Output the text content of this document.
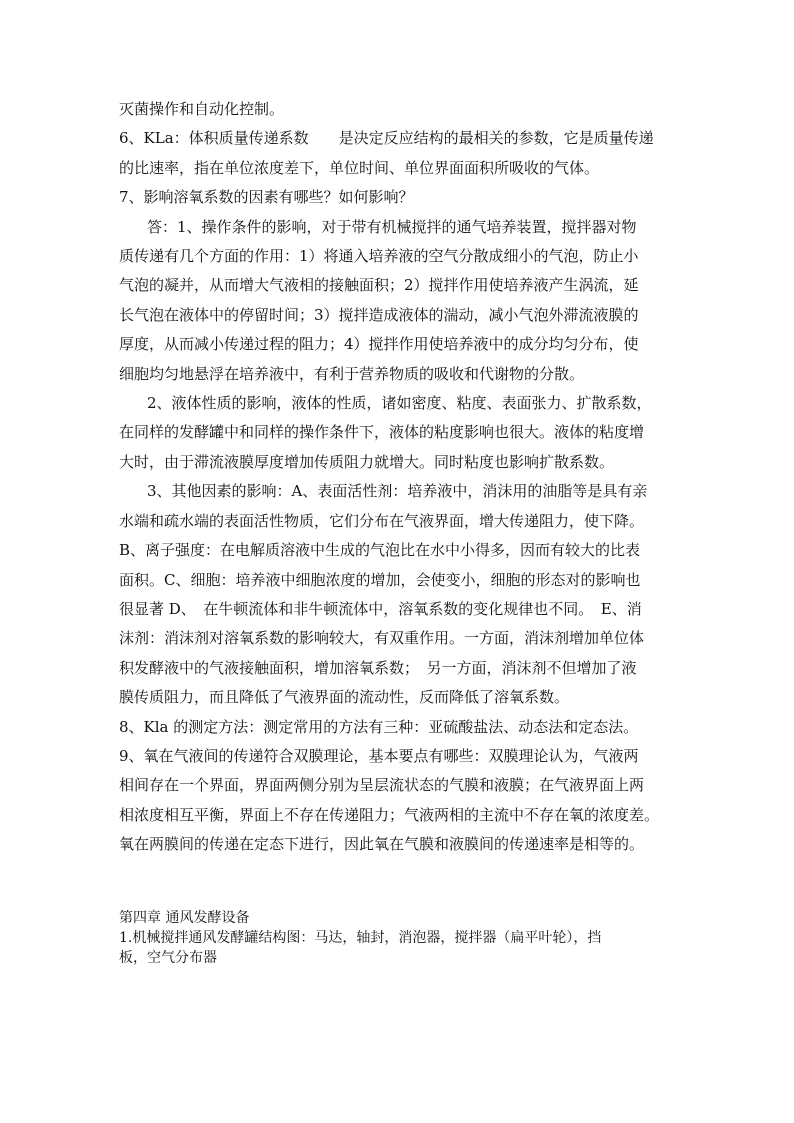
灭菌操作和自动化控制。
6、KLa：体积质量传递系数　　是决定反应结构的最相关的参数，它是质量传递
的比速率，指在单位浓度差下，单位时间、单位界面面积所吸收的气体。
7、影响溶氧系数的因素有哪些？如何影响？
答：1、操作条件的影响，对于带有机械搅拌的通气培养装置，搅拌器对物
质传递有几个方面的作用：1）将通入培养液的空气分散成细小的气泡，防止小
气泡的凝并，从而增大气液相的接触面积；2）搅拌作用使培养液产生涡流，延
长气泡在液体中的停留时间；3）搅拌造成液体的湍动，减小气泡外滞流液膜的
厚度，从而减小传递过程的阻力；4）搅拌作用使培养液中的成分均匀分布，使
细胞均匀地悬浮在培养液中，有利于营养物质的吸收和代谢物的分散。
2、液体性质的影响，液体的性质，诸如密度、粘度、表面张力、扩散系数，
在同样的发酵罐中和同样的操作条件下，液体的粘度影响也很大。液体的粘度增
大时，由于滞流液膜厚度增加传质阻力就增大。同时粘度也影响扩散系数。
3、其他因素的影响：A、表面活性剂：培养液中，消沫用的油脂等是具有亲
水端和疏水端的表面活性物质，它们分布在气液界面，增大传递阻力，使下降。
B、离子强度：在电解质溶液中生成的气泡比在水中小得多，因而有较大的比表
面积。C、细胞：培养液中细胞浓度的增加，会使变小，细胞的形态对的影响也
很显著 D、　在牛顿流体和非牛顿流体中，溶氧系数的变化规律也不同。　E、消
沫剂：消沫剂对溶氧系数的影响较大，有双重作用。一方面，消沫剂增加单位体
积发酵液中的气液接触面积，增加溶氧系数；　另一方面，消沫剂不但增加了液
膜传质阻力，而且降低了气液界面的流动性，反而降低了溶氧系数。
8、Kla 的测定方法：测定常用的方法有三种：亚硫酸盐法、动态法和定态法。
9、氧在气液间的传递符合双膜理论，基本要点有哪些：双膜理论认为，气液两
相间存在一个界面，界面两侧分别为呈层流状态的气膜和液膜；在气液界面上两
相浓度相互平衡，界面上不存在传递阻力；气液两相的主流中不存在氧的浓度差。
氧在两膜间的传递在定态下进行，因此氧在气膜和液膜间的传递速率是相等的。
第四章 通风发酵设备
1.机械搅拌通风发酵罐结构图：马达，轴封，消泡器，搅拌器（扁平叶轮），挡
板，空气分布器
